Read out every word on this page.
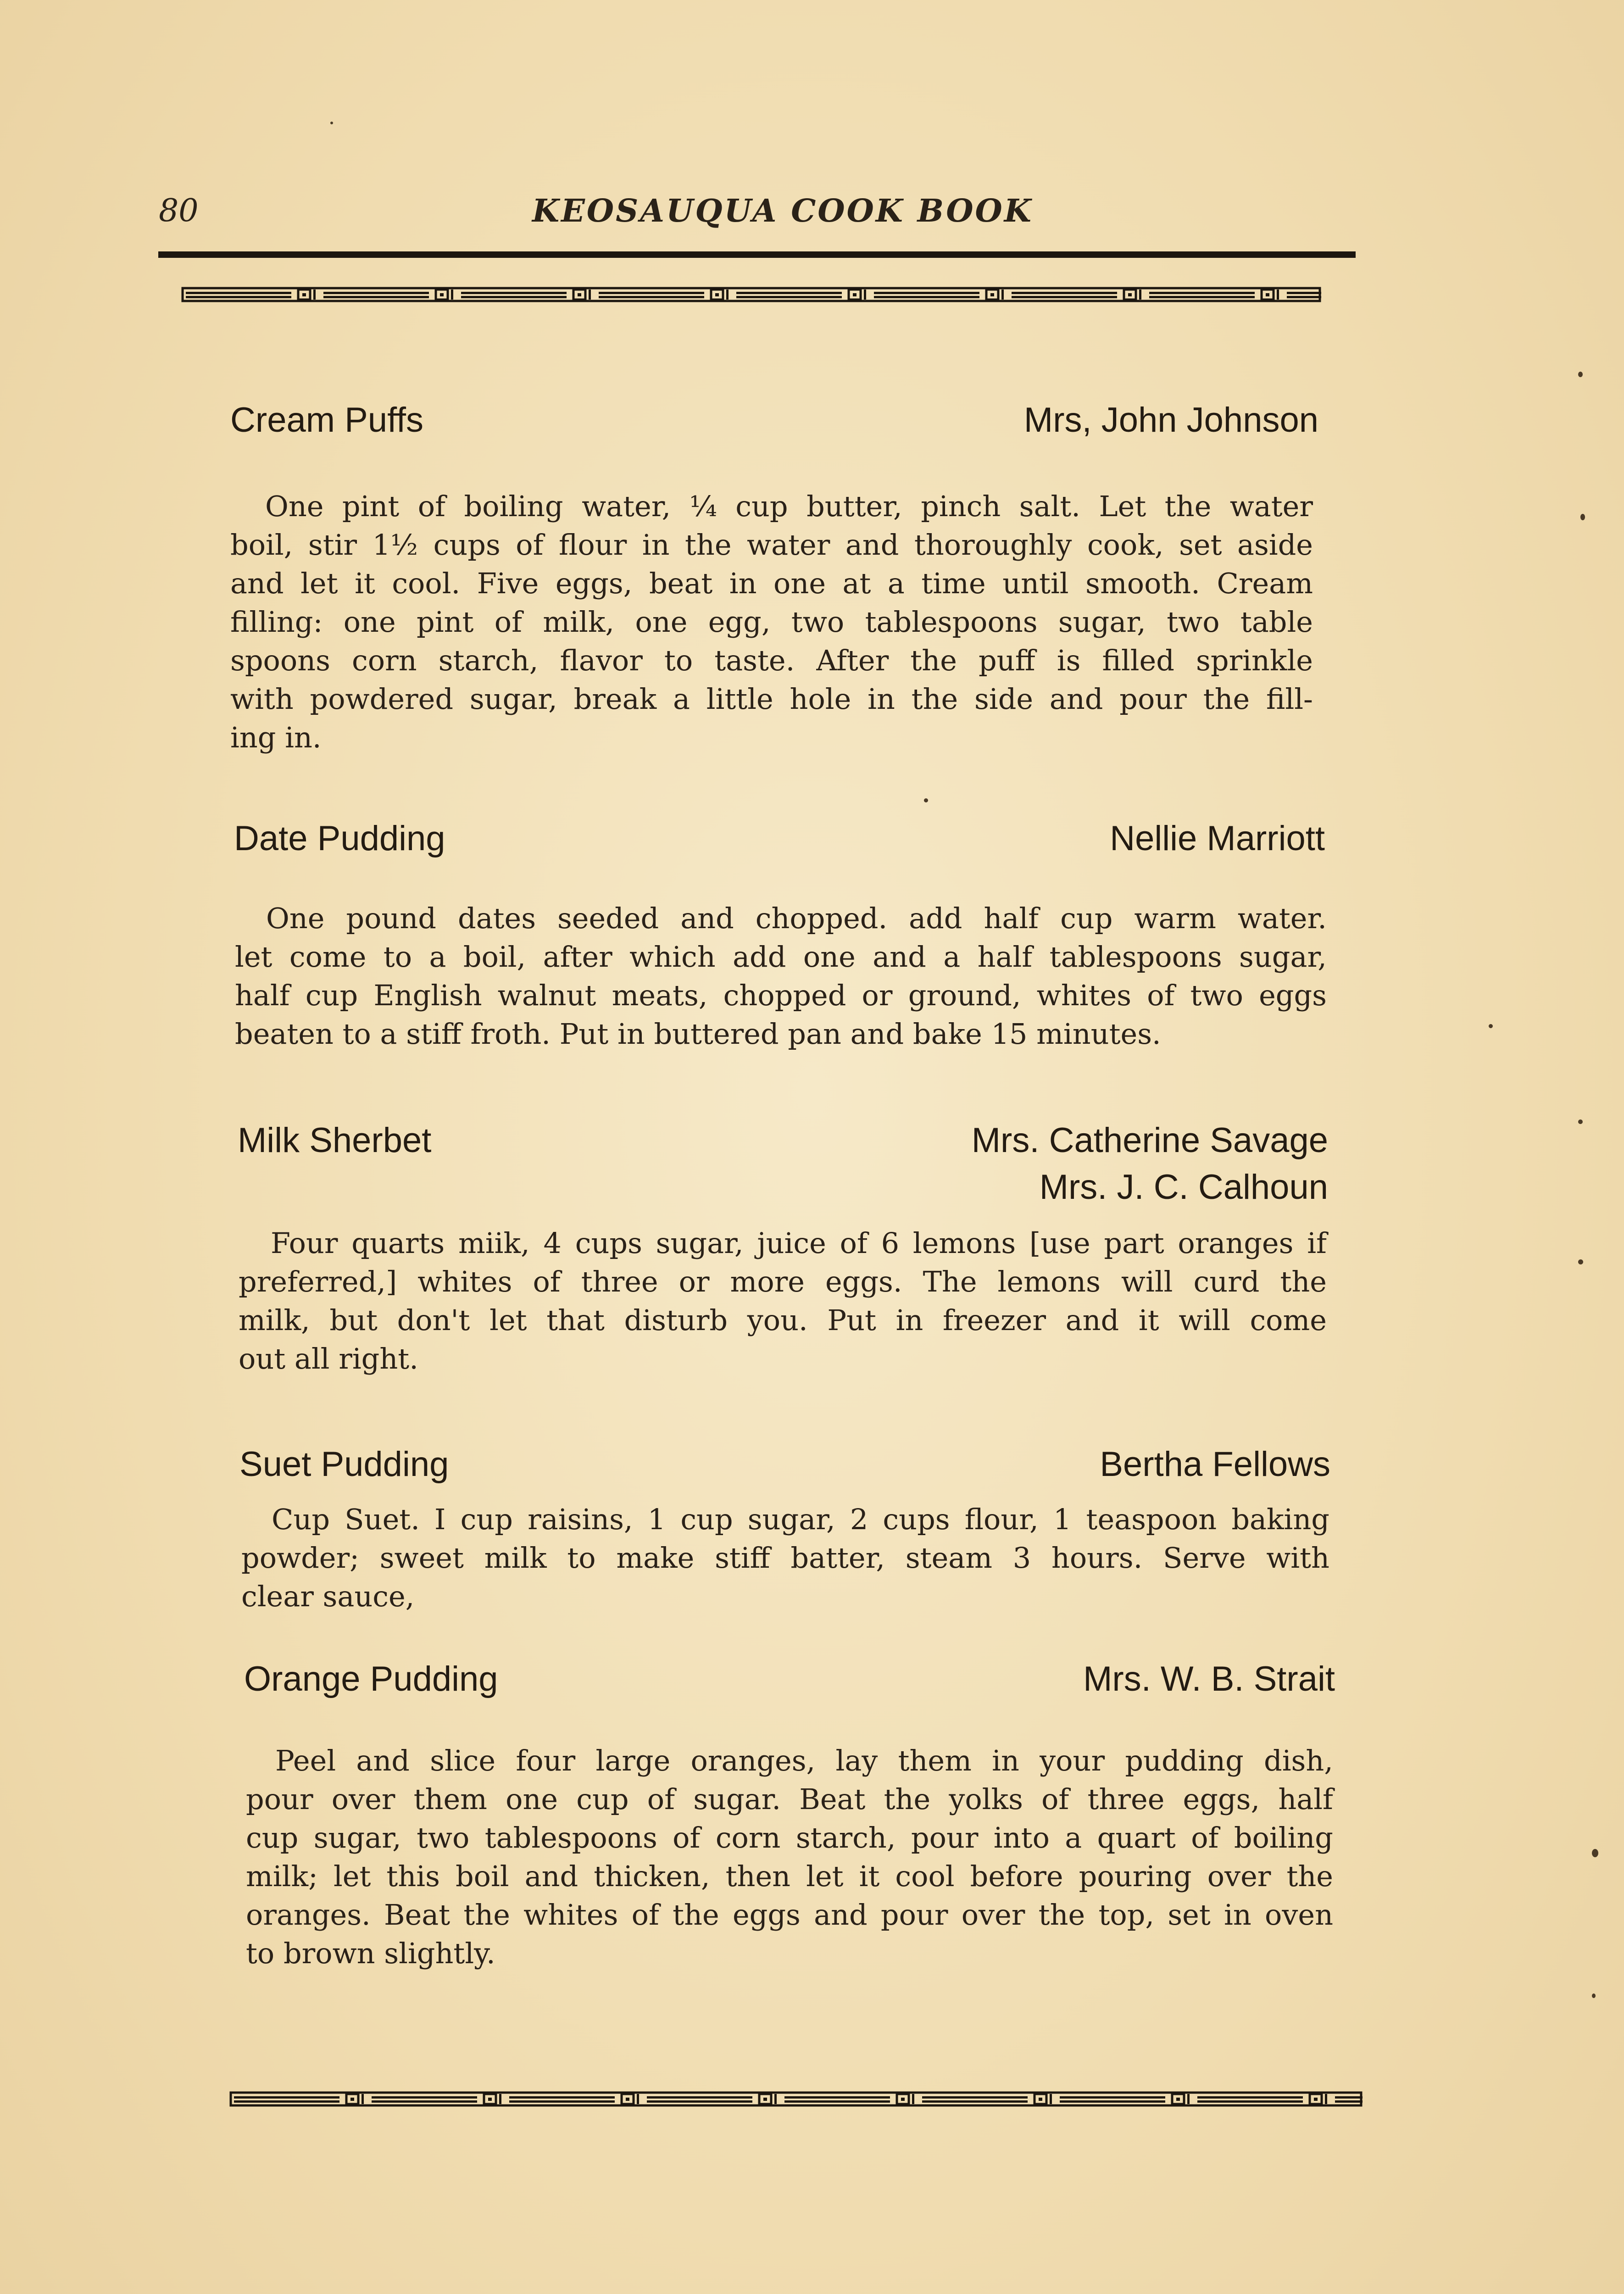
80	KEOSAUQUA COOK BOOK
Cream Puffs	Mrs, John Johnson
One pint of boiling water, ¼ cup butter, pinch salt. Let the water
boil, stir 1½ cups of flour in the water and thoroughly cook, set aside
and let it cool. Five eggs, beat in one at a time until smooth. Cream
filling: one pint of milk, one egg, two tablespoons sugar, two table
spoons corn starch, flavor to taste. After the puff is filled sprinkle
with powdered sugar, break a little hole in the side and pour the fill-
ing in.
Date Pudding	Nellie Marriott
One pound dates seeded and chopped. add half cup warm water.
let come to a boil, after which add one and a half tablespoons sugar,
half cup English walnut meats, chopped or ground, whites of two eggs
beaten to a stiff froth. Put in buttered pan and bake 15 minutes.
Milk Sherbet	Mrs. Catherine Savage
Mrs. J. C. Calhoun
Four quarts miik, 4 cups sugar, juice of 6 lemons [use part oranges if
preferred,] whites of three or more eggs. The lemons will curd the
milk, but don't let that disturb you. Put in freezer and it will come
out all right.
Suet Pudding	Bertha Fellows
Cup Suet. I cup raisins, 1 cup sugar, 2 cups flour, 1 teaspoon baking
powder; sweet milk to make stiff batter, steam 3 hours. Serve with
clear sauce,
Orange Pudding	Mrs. W. B. Strait
Peel and slice four large oranges, lay them in your pudding dish,
pour over them one cup of sugar. Beat the yolks of three eggs, half
cup sugar, two tablespoons of corn starch, pour into a quart of boiling
milk; let this boil and thicken, then let it cool before pouring over the
oranges. Beat the whites of the eggs and pour over the top, set in oven
to brown slightly.
